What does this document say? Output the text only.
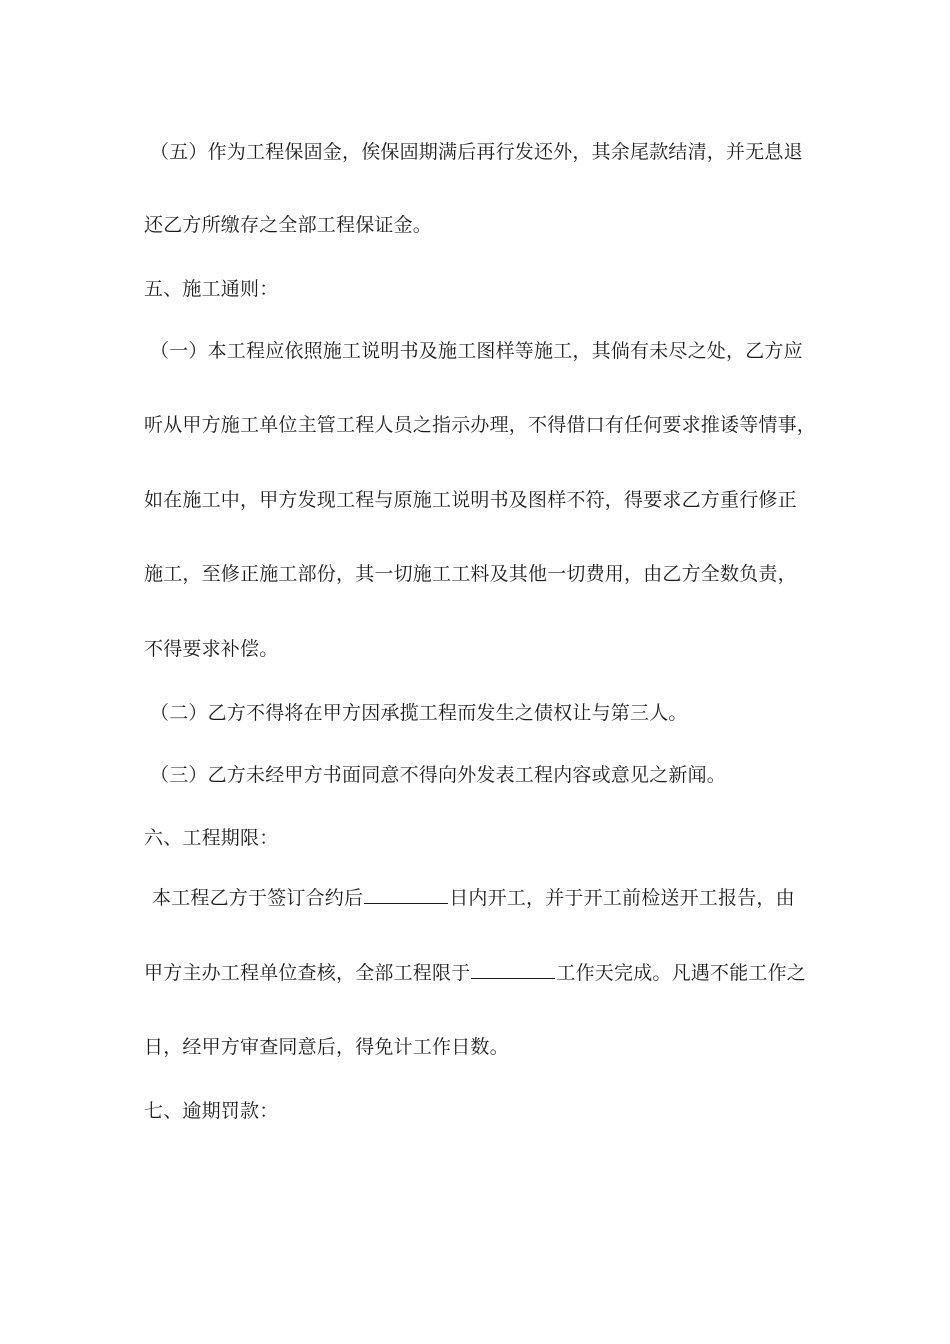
（五）作为工程保固金，俟保固期满后再行发还外，其余尾款结清，并无息退
还乙方所缴存之全部工程保证金。
五、施工通则：
（一）本工程应依照施工说明书及施工图样等施工，其倘有未尽之处，乙方应
听从甲方施工单位主管工程人员之指示办理，不得借口有任何要求推诿等情事，
如在施工中，甲方发现工程与原施工说明书及图样不符，得要求乙方重行修正
施工，至修正施工部份，其一切施工工料及其他一切费用，由乙方全数负责，
不得要求补偿。
（二）乙方不得将在甲方因承揽工程而发生之债权让与第三人。
（三）乙方未经甲方书面同意不得向外发表工程内容或意见之新闻。
六、工程期限：
本工程乙方于签订合约后	日内开工，并于开工前检送开工报告，由
甲方主办工程单位查核，全部工程限于	工作天完成。凡遇不能工作之
日，经甲方审查同意后，得免计工作日数。
七、逾期罚款：
